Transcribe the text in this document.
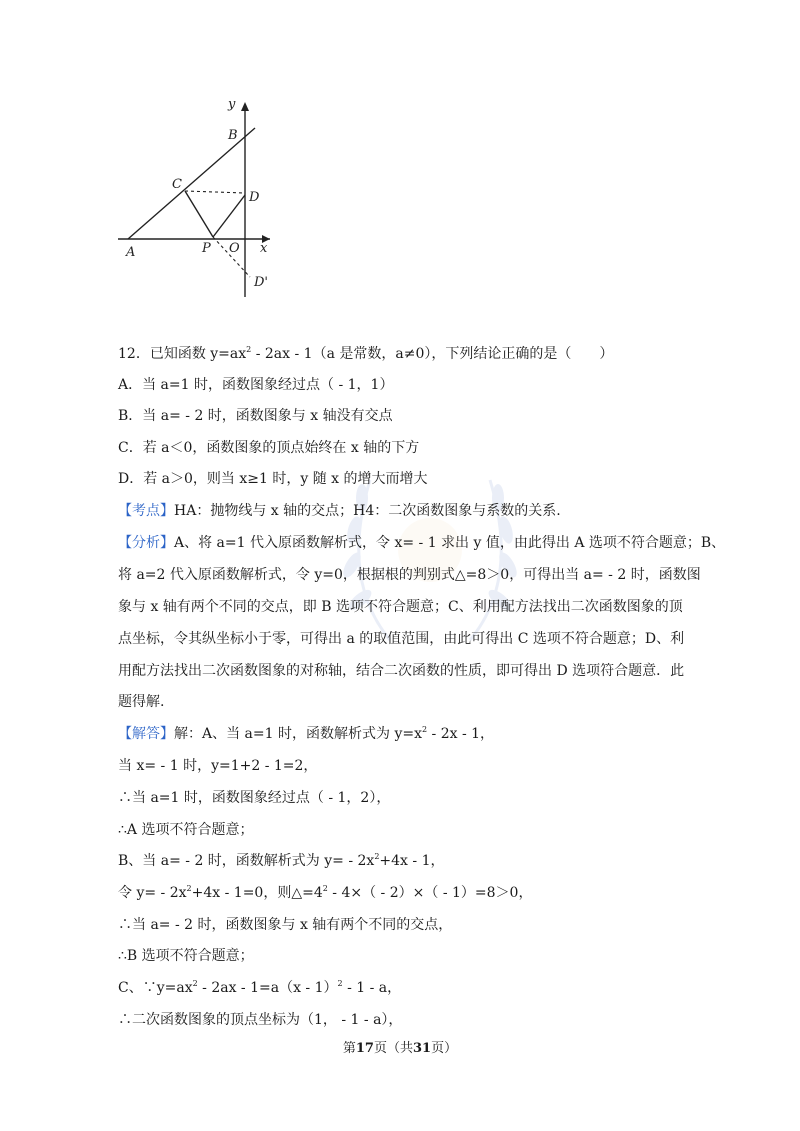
y
B
C
D
A	P O x
D'
12．已知函数 $y=ax^2 - 2ax - 1(a$ 是常数，a≠0），下列结论正确的是（　　）
A．当 a=1 时，函数图象经过点（ - 1，1）
B．当 a= - 2 时，函数图象与 x 轴没有交点
C．若 a＜0，函数图象的顶点始终在 x 轴的下方
D．若 a＞0，则当 x≥1 时，y 随 x 的增大而增大
【考点】HA：抛物线与 x 轴的交点；H4：二次函数图象与系数的关系.
【分析】A、将 a=1 代入原函数解析式，令 x= - 1 求出 y 值，由此得出 A 选项不符合题意；B、
将 a=2 代入原函数解析式，令 y=0，根据根的判别式△=8＞0，可得出当 a= - 2 时，函数图
象与 x 轴有两个不同的交点，即 B 选项不符合题意；C、利用配方法找出二次函数图象的顶
点坐标，令其纵坐标小于零，可得出 a 的取值范围，由此可得出 C 选项不符合题意；D、利
用配方法找出二次函数图象的对称轴，结合二次函数的性质，即可得出 D 选项符合题意．此
题得解.
【解答】解：A、当 a=1 时，函数解析式为 $y=x^2 - 2x - 1$，
当 x= - 1 时，y=1+2 - 1=2，
∴当 a=1 时，函数图象经过点（ - 1，2），
∴A 选项不符合题意；
B、当 a= - 2 时，函数解析式为 $y= - 2x^2+4x - 1$，
令 $y= - 2x^2+4x - 1=0$，则$\triangle=4^2 - 4\times( - 2)\times( - 1)=8>0$，
∴当 a= - 2 时，函数图象与 x 轴有两个不同的交点，
∴B 选项不符合题意；
C、$\because y=ax^2 - 2ax - 1=a(x - 1)^2 - 1 - a$，
∴二次函数图象的顶点坐标为（1， - 1 - a），
第17页（共31页）
